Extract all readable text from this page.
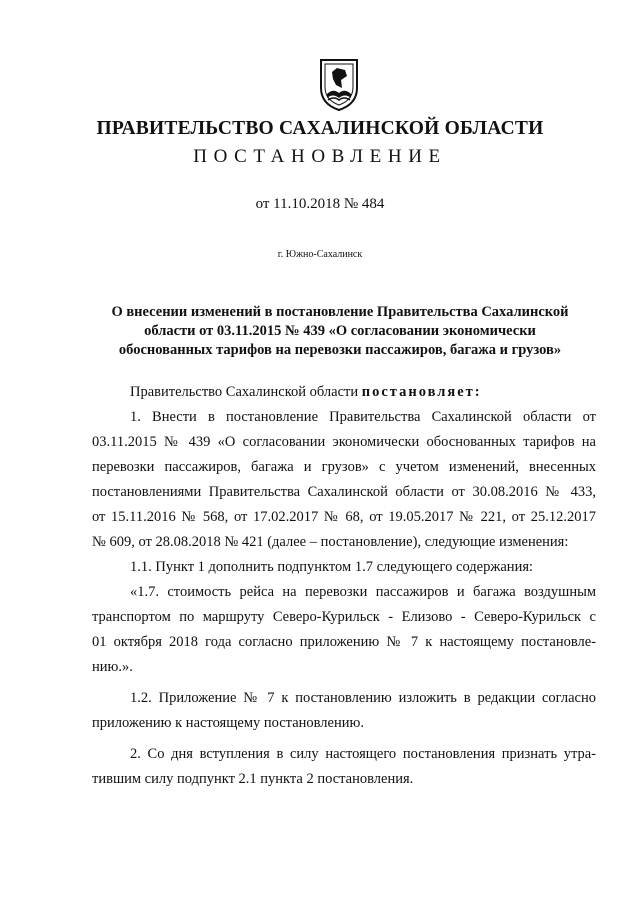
ПРАВИТЕЛЬСТВО САХАЛИНСКОЙ ОБЛАСТИ
ПОСТАНОВЛЕНИЕ
от 11.10.2018 № 484
г. Южно-Сахалинск
О внесении изменений в постановление Правительства Сахалинской
области от 03.11.2015 № 439 «О согласовании экономически
обоснованных тарифов на перевозки пассажиров, багажа и грузов»
Правительство Сахалинской области постановляет:
1. Внести в постановление Правительства Сахалинской области от
03.11.2015 № 439 «О согласовании экономически обоснованных тарифов на
перевозки пассажиров, багажа и грузов» с учетом изменений, внесенных
постановлениями Правительства Сахалинской области от 30.08.2016 № 433,
от 15.11.2016 № 568, от 17.02.2017 № 68, от 19.05.2017 № 221, от 25.12.2017
№ 609, от 28.08.2018 № 421 (далее – постановление), следующие изменения:
1.1. Пункт 1 дополнить подпунктом 1.7 следующего содержания:
«1.7. стоимость рейса на перевозки пассажиров и багажа воздушным
транспортом по маршруту Северо-Курильск - Елизово - Северо-Курильск с
01 октября 2018 года согласно приложению № 7 к настоящему постановле-
нию.».
1.2. Приложение № 7 к постановлению изложить в редакции согласно
приложению к настоящему постановлению.
2. Со дня вступления в силу настоящего постановления признать утра-
тившим силу подпункт 2.1 пункта 2 постановления.
